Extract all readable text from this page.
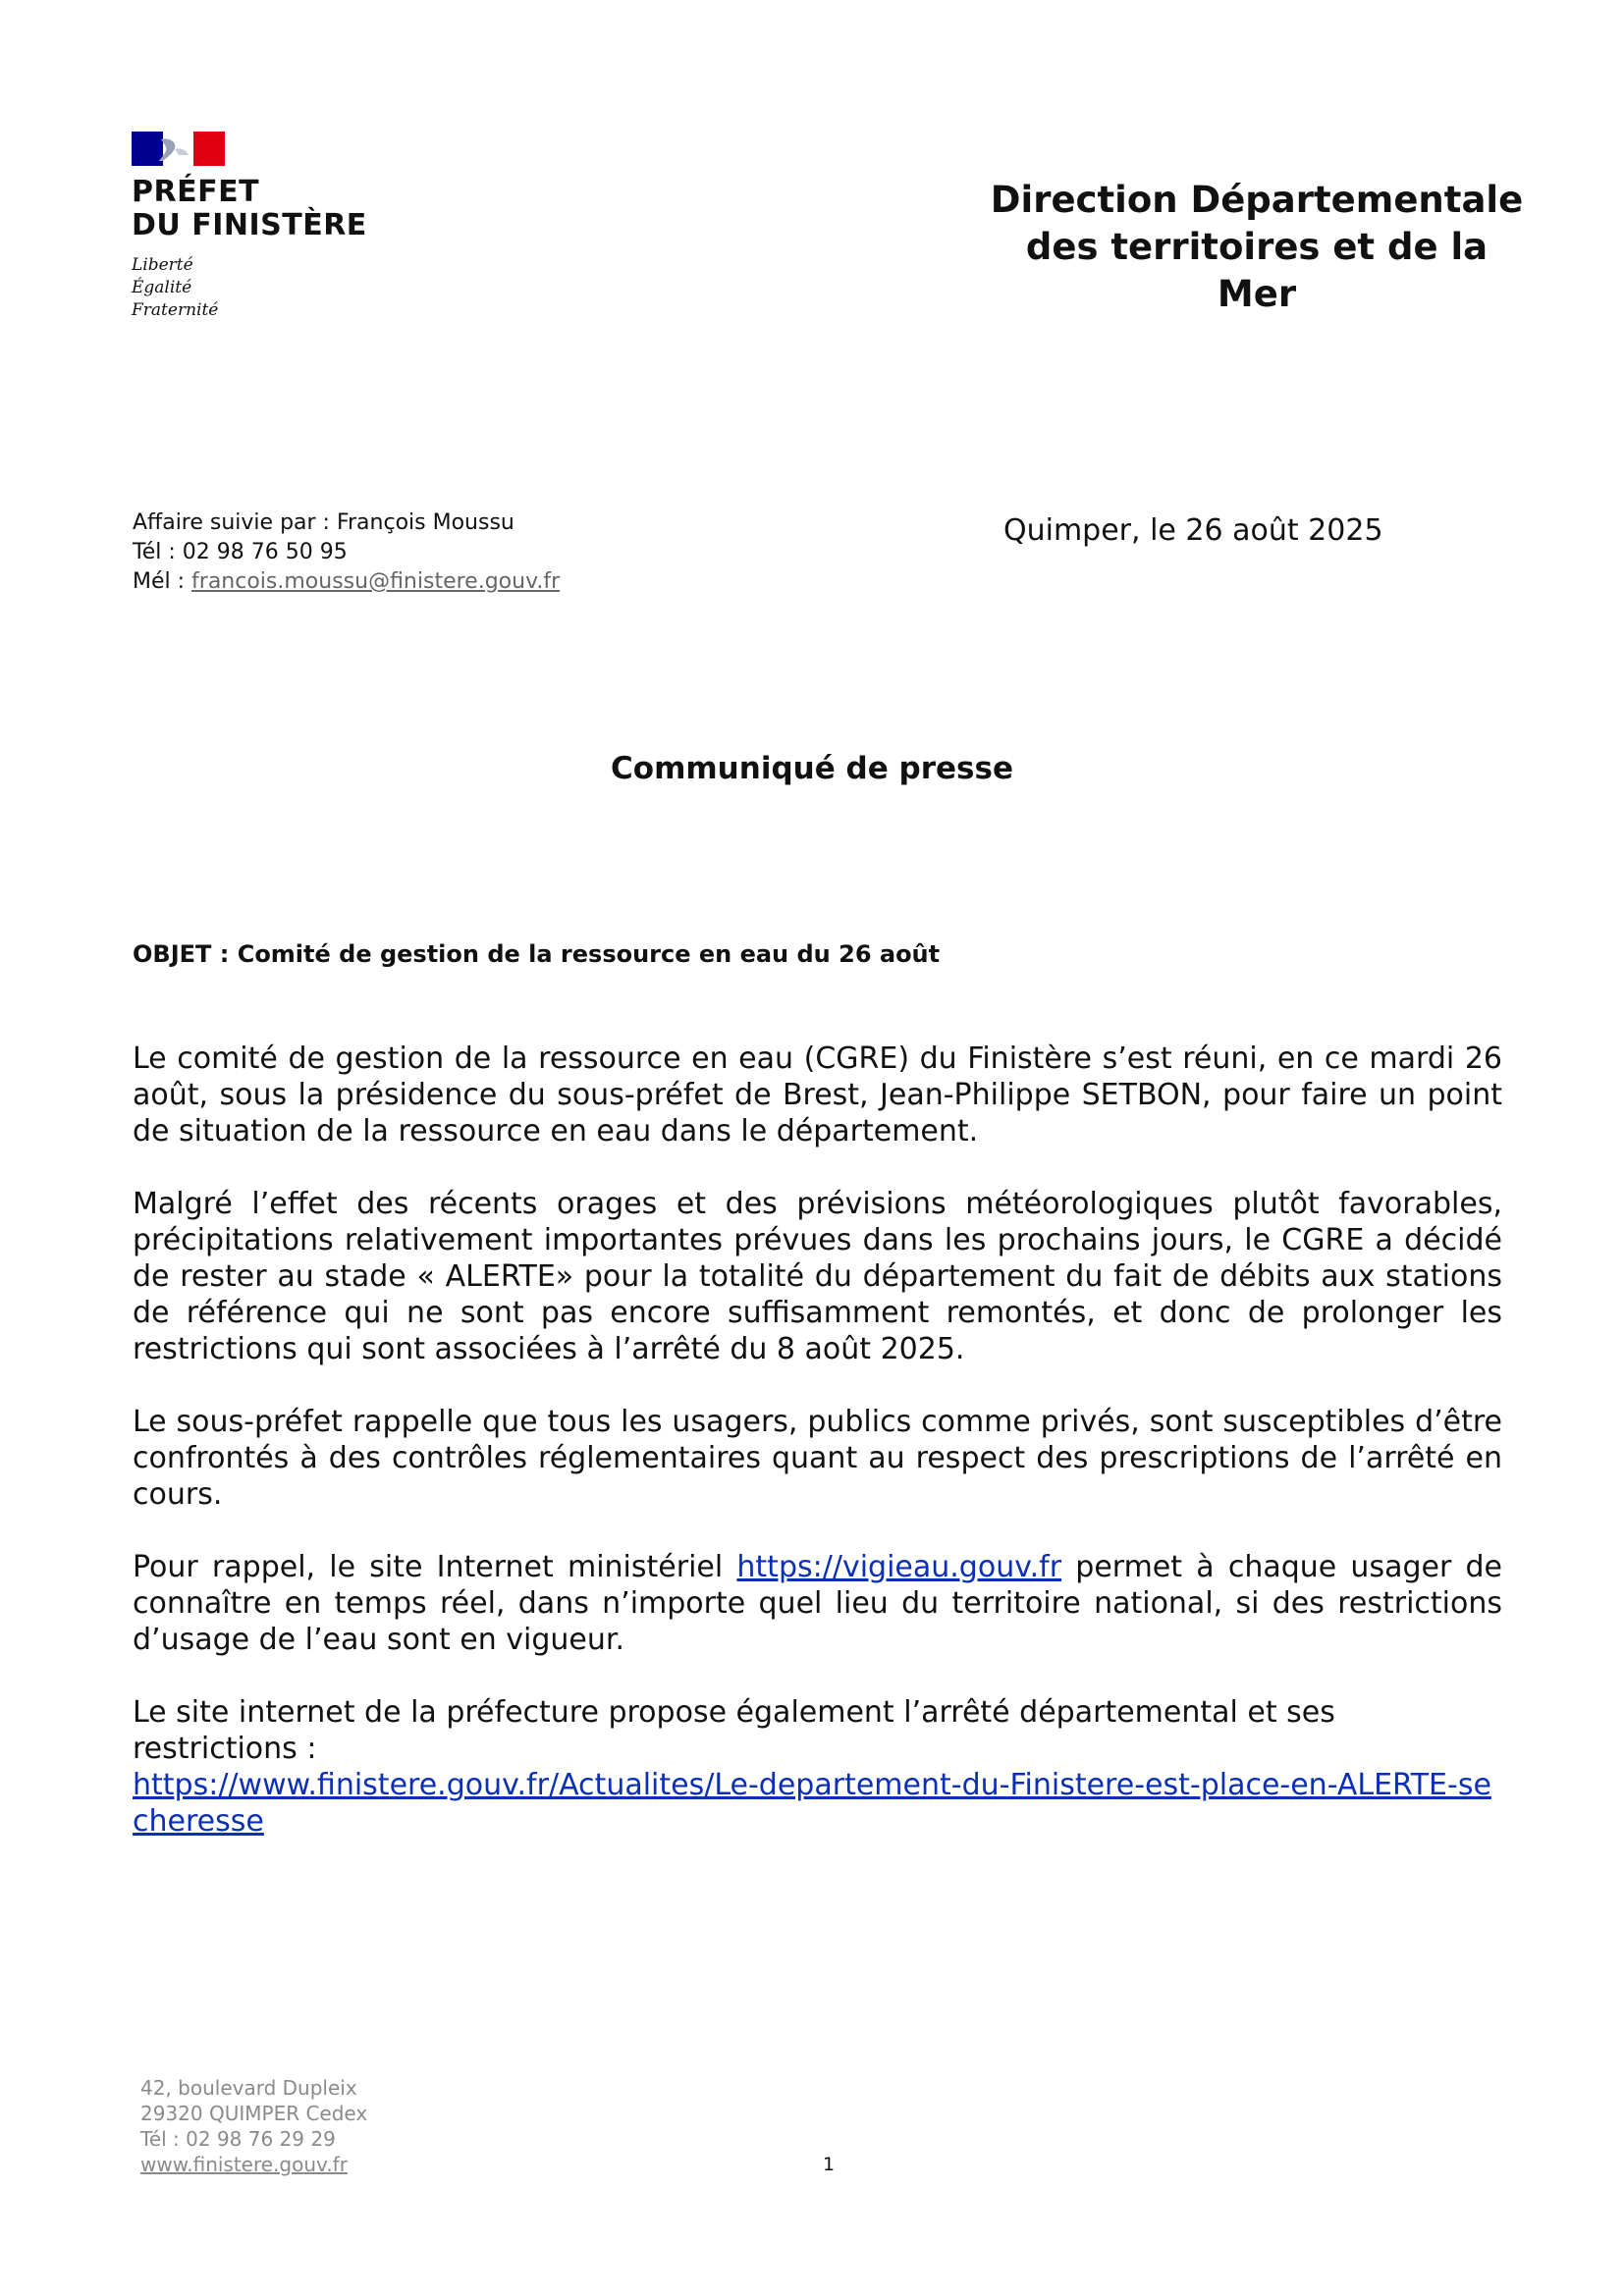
PRÉFET
DU FINISTÈRE
Liberté
Égalité
Fraternité
Direction Départementale
des territoires et de la Mer
Affaire suivie par : François Moussu
Tél : 02 98 76 50 95
Mél : francois.moussu@finistere.gouv.fr
Quimper, le 26 août 2025
Communiqué de presse
OBJET : Comité de gestion de la ressource en eau du 26 août

Le comité de gestion de la ressource en eau (CGRE) du Finistère s’est réuni, en ce mardi 26 août, sous la présidence du sous-préfet de Brest, Jean-Philippe SETBON, pour faire un point de situation de la ressource en eau dans le département.

Malgré l’effet des récents orages et des prévisions météorologiques plutôt favorables, précipitations relativement importantes prévues dans les prochains jours, le CGRE a décidé de rester au stade « ALERTE» pour la totalité du département du fait de débits aux stations de référence qui ne sont pas encore suffisamment remontés, et donc de prolonger les restrictions qui sont associées à l’arrêté du 8 août 2025.

Le sous-préfet rappelle que tous les usagers, publics comme privés, sont susceptibles d’être confrontés à des contrôles réglementaires quant au respect des prescriptions de l’arrêté en cours.

Pour rappel, le site Internet ministériel https://vigieau.gouv.fr permet à chaque usager de connaître en temps réel, dans n’importe quel lieu du territoire national, si des restrictions d’usage de l’eau sont en vigueur.

Le site internet de la préfecture propose également l’arrêté départemental et ses restrictions :
https://www.finistere.gouv.fr/Actualites/Le-departement-du-Finistere-est-place-en-ALERTE-secheresse

42, boulevard Dupleix
29320 QUIMPER Cedex
Tél : 02 98 76 29 29
www.finistere.gouv.fr	1
